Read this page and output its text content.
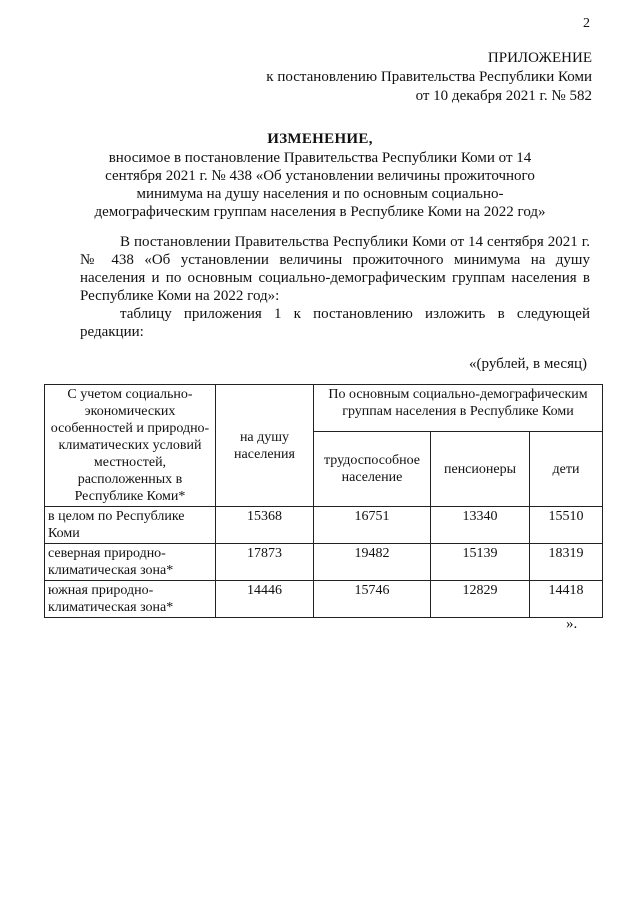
2
ПРИЛОЖЕНИЕ
к постановлению Правительства Республики Коми
от 10 декабря 2021 г. № 582
ИЗМЕНЕНИЕ,
вносимое в постановление Правительства Республики Коми от 14 сентября 2021 г. № 438 «Об установлении величины прожиточного минимума на душу населения и по основным социально-демографическим группам населения в Республике Коми на 2022 год»

В постановлении Правительства Республики Коми от 14 сентября 2021 г. № 438 «Об установлении величины прожиточного минимума на душу населения и по основным социально-демографическим группам населения в Республике Коми на 2022 год»:

таблицу приложения 1 к постановлению изложить в следующей редакции:

«(рублей, в месяц)
С учетом социально-экономических особенностей и природно-климатических условий местностей, расположенных в Республике Коми*	на душу населения	По основным социально-демографическим группам населения в Республике Коми		
		трудоспособное население	пенсионеры	дети
в целом по Республике Коми	15368	16751	13340	15510
северная природно-климатическая зона*	17873	19482	15139	18319
южная природно-климатическая зона*	14446	15746	12829	14418
».
